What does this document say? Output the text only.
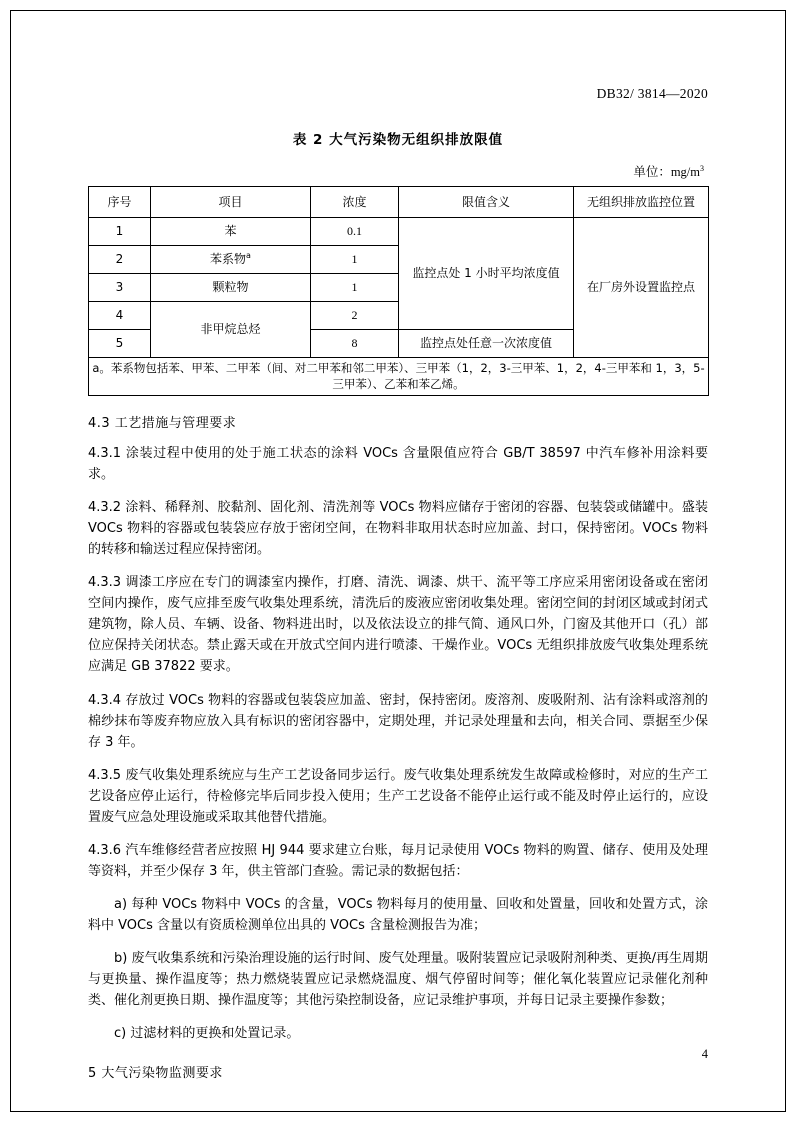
DB32/ 3814—2020
表 2 大气污染物无组织排放限值
单位：$mg/m^3$
序号	项目	浓度	限值含义	无组织排放监控位置
1	苯	0.1	监控点处 1 小时平均浓度值	在厂房外设置监控点
2	苯系物$^a$	1		
3	颗粒物	1		
4	非甲烷总烃	2		
5		8	监控点处任意一次浓度值	
a。苯系物包括苯、甲苯、二甲苯（间、对二甲苯和邻二甲苯）、三甲苯（1，2，3-三甲苯、1，2，4-三甲苯和 1，3，5-三甲苯）、乙苯和苯乙烯。				
4.3 工艺措施与管理要求

4.3.1 涂装过程中使用的处于施工状态的涂料 VOCs 含量限值应符合 GB/T 38597 中汽车修补用涂料要求。

4.3.2 涂料、稀释剂、胶黏剂、固化剂、清洗剂等 VOCs 物料应储存于密闭的容器、包装袋或储罐中。盛装 VOCs 物料的容器或包装袋应存放于密闭空间，在物料非取用状态时应加盖、封口，保持密闭。VOCs 物料的转移和输送过程应保持密闭。

4.3.3 调漆工序应在专门的调漆室内操作，打磨、清洗、调漆、烘干、流平等工序应采用密闭设备或在密闭空间内操作，废气应排至废气收集处理系统，清洗后的废液应密闭收集处理。密闭空间的封闭区域或封闭式建筑物，除人员、车辆、设备、物料进出时，以及依法设立的排气简、通风口外，门窗及其他开口（孔）部位应保持关闭状态。禁止露天或在开放式空间内进行喷漆、干燥作业。VOCs 无组织排放废气收集处理系统应满足 GB 37822 要求。

4.3.4 存放过 VOCs 物料的容器或包装袋应加盖、密封，保持密闭。废溶剂、废吸附剂、沾有涂料或溶剂的棉纱抹布等废弃物应放入具有标识的密闭容器中，定期处理，并记录处理量和去向，相关合同、票据至少保存 3 年。

4.3.5 废气收集处理系统应与生产工艺设备同步运行。废气收集处理系统发生故障或检修时，对应的生产工艺设备应停止运行，待检修完毕后同步投入使用；生产工艺设备不能停止运行或不能及时停止运行的，应设置废气应急处理设施或采取其他替代措施。

4.3.6 汽车维修经营者应按照 HJ 944 要求建立台账，每月记录使用 VOCs 物料的购置、储存、使用及处理等资料，并至少保存 3 年，供主管部门查验。需记录的数据包括：

a) 每种 VOCs 物料中 VOCs 的含量，VOCs 物料每月的使用量、回收和处置量，回收和处置方式，涂料中 VOCs 含量以有资质检测单位出具的 VOCs 含量检测报告为准；

b) 废气收集系统和污染治理设施的运行时间、废气处理量。吸附装置应记录吸附剂种类、更换/再生周期与更换量、操作温度等；热力燃烧装置应记录燃烧温度、烟气停留时间等；催化氧化装置应记录催化剂种类、催化剂更换日期、操作温度等；其他污染控制设备，应记录维护事项，并每日记录主要操作参数；

c) 过滤材料的更换和处置记录。

5 大气污染物监测要求
4
